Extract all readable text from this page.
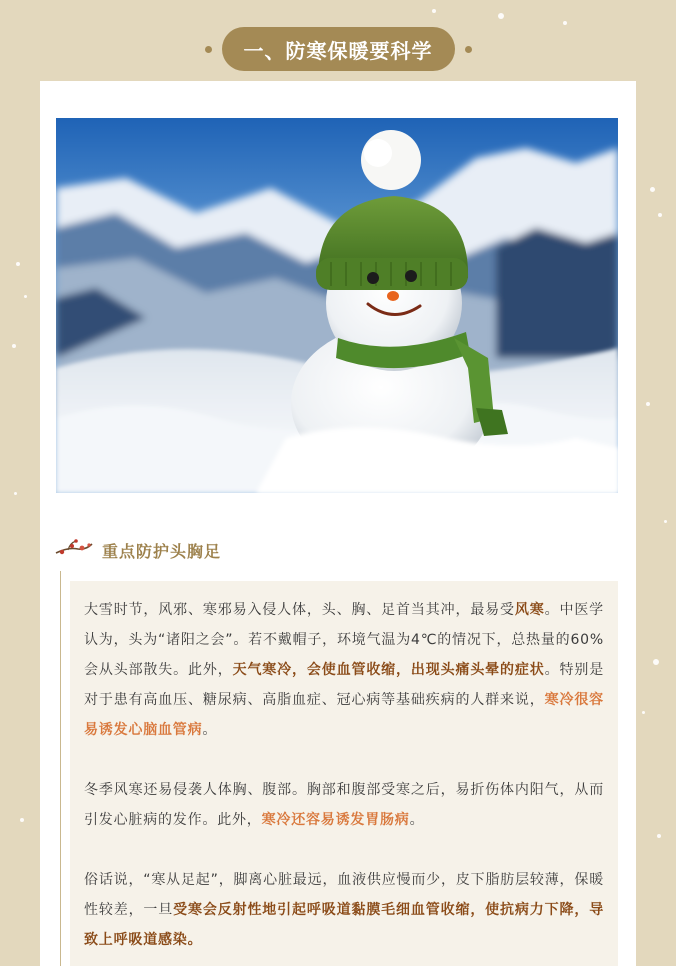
一、防寒保暖要科学
重点防护头胸足

大雪时节，风邪、寒邪易入侵人体，头、胸、足首当其冲，最易受风寒。中医学认为，头为“诸阳之会”。若不戴帽子，环境气温为4℃的情况下，总热量的60%会从头部散失。此外，天气寒冷，会使血管收缩，出现头痛头晕的症状。特别是对于患有高血压、糖尿病、高脂血症、冠心病等基础疾病的人群来说，寒冷很容易诱发心脑血管病。

冬季风寒还易侵袭人体胸、腹部。胸部和腹部受寒之后，易折伤体内阳气，从而引发心脏病的发作。此外，寒冷还容易诱发胃肠病。

俗话说，“寒从足起”，脚离心脏最远，血液供应慢而少，皮下脂肪层较薄，保暖性较差，一旦受寒会反射性地引起呼吸道黏膜毛细血管收缩，使抗病力下降，导致上呼吸道感染。
